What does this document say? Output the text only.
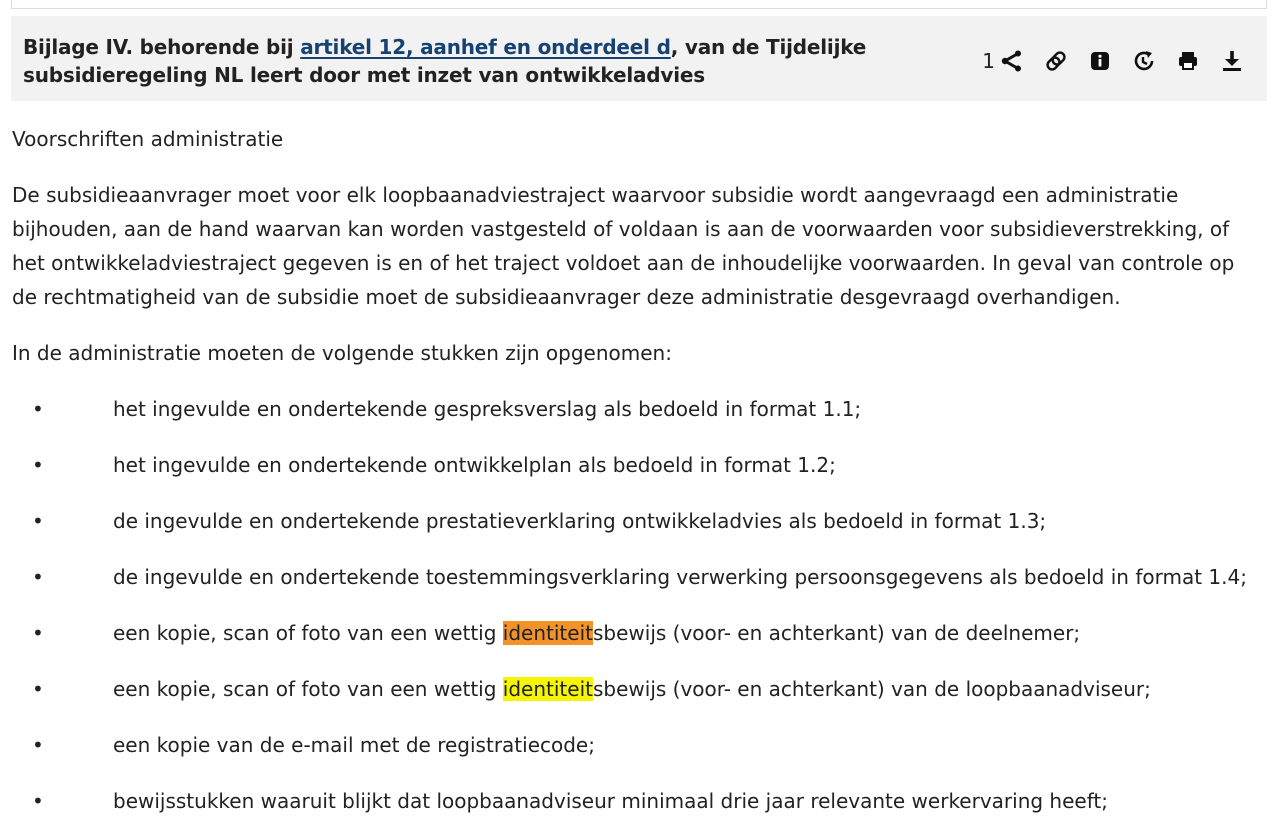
Bijlage IV. behorende bij artikel 12, aanhef en onderdeel d, van de Tijdelijke subsidieregeling NL leert door met inzet van ontwikkeladvies
1

Voorschriften administratie

De subsidieaanvrager moet voor elk loopbaanadviestraject waarvoor subsidie wordt aangevraagd een administratie bijhouden, aan de hand waarvan kan worden vastgesteld of voldaan is aan de voorwaarden voor subsidieverstrekking, of het ontwikkeladviestraject gegeven is en of het traject voldoet aan de inhoudelijke voorwaarden. In geval van controle op de rechtmatigheid van de subsidie moet de subsidieaanvrager deze administratie desgevraagd overhandigen.

In de administratie moeten de volgende stukken zijn opgenomen:

•	het ingevulde en ondertekende gespreksverslag als bedoeld in format 1.1;
•	het ingevulde en ondertekende ontwikkelplan als bedoeld in format 1.2;
•	de ingevulde en ondertekende prestatieverklaring ontwikkeladvies als bedoeld in format 1.3;
•	de ingevulde en ondertekende toestemmingsverklaring verwerking persoonsgegevens als bedoeld in format 1.4;
•	een kopie, scan of foto van een wettig identiteitsbewijs (voor- en achterkant) van de deelnemer;
•	een kopie, scan of foto van een wettig identiteitsbewijs (voor- en achterkant) van de loopbaanadviseur;
•	een kopie van de e-mail met de registratiecode;
•	bewijsstukken waaruit blijkt dat loopbaanadviseur minimaal drie jaar relevante werkervaring heeft;
